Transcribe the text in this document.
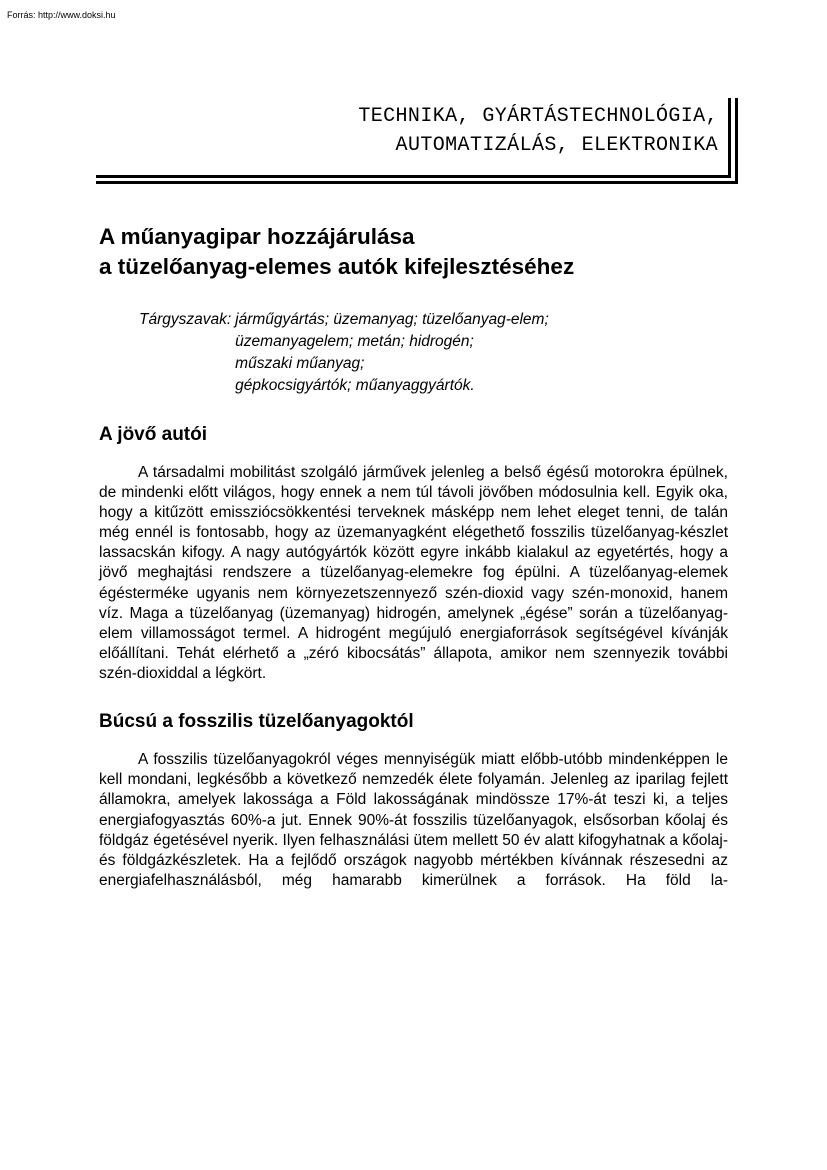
Forrás: http://www.doksi.hu

TECHNIKA, GYÁRTÁSTECHNOLÓGIA,
AUTOMATIZÁLÁS, ELEKTRONIKA
A műanyagipar hozzájárulása
a tüzelőanyag-elemes autók kifejlesztéséhez
Tárgyszavak: járműgyártás; üzemanyag; tüzelőanyag-elem;
üzemanyagelem; metán; hidrogén;
műszaki műanyag;
gépkocsigyártók; műanyaggyártók.
A jövő autói

A társadalmi mobilitást szolgáló járművek jelenleg a belső égésű motorokra épülnek, de mindenki előtt világos, hogy ennek a nem túl távoli jövőben módosulnia kell. Egyik oka, hogy a kitűzött emissziócsökkentési terveknek másképp nem lehet eleget tenni, de talán még ennél is fontosabb, hogy az üzemanyagként elégethető fosszilis tüzelőanyag-készlet lassacskán kifogy. A nagy autógyártók között egyre inkább kialakul az egyetértés, hogy a jövő meghajtási rendszere a tüzelőanyag-elemekre fog épülni. A tüzelőanyag-elemek égésterméke ugyanis nem környezetszennyező szén-dioxid vagy szén-monoxid, hanem víz. Maga a tüzelőanyag (üzemanyag) hidrogén, amelynek „égése” során a tüzelőanyag-elem villamosságot termel. A hidrogént megújuló energiaforrások segítségével kívánják előállítani. Tehát elérhető a „zéró kibocsátás” állapota, amikor nem szennyezik további szén-dioxiddal a légkört.

Búcsú a fosszilis tüzelőanyagoktól

A fosszilis tüzelőanyagokról véges mennyiségük miatt előbb-utóbb mindenképpen le kell mondani, legkésőbb a következő nemzedék élete folyamán. Jelenleg az iparilag fejlett államokra, amelyek lakossága a Föld lakosságának mindössze 17%-át teszi ki, a teljes energiafogyasztás 60%-a jut. Ennek 90%-át fosszilis tüzelőanyagok, elsősorban kőolaj és földgáz égetésével nyerik. Ilyen felhasználási ütem mellett 50 év alatt kifogyhatnak a kőolaj- és földgázkészletek. Ha a fejlődő országok nagyobb mértékben kívánnak részesedni az energiafelhasználásból, még hamarabb kimerülnek a források. Ha föld la-
